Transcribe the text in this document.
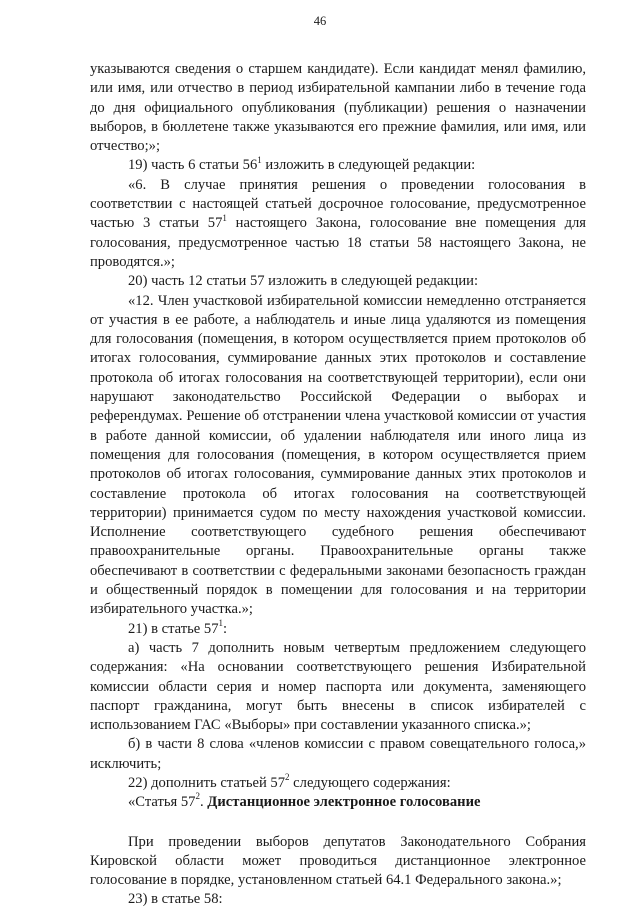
46

указываются сведения о старшем кандидате). Если кандидат менял фамилию, или имя, или отчество в период избирательной кампании либо в течение года до дня официального опубликования (публикации) решения о назначении выборов, в бюллетене также указываются его прежние фамилия, или имя, или отчество;»;

19) часть 6 статьи $56^1$ изложить в следующей редакции:

«6. В случае принятия решения о проведении голосования в соответствии с настоящей статьей досрочное голосование, предусмотренное частью 3 статьи $57^1$ настоящего Закона, голосование вне помещения для голосования, предусмотренное частью 18 статьи 58 настоящего Закона, не проводятся.»;

20) часть 12 статьи 57 изложить в следующей редакции:

«12. Член участковой избирательной комиссии немедленно отстраняется от участия в ее работе, а наблюдатель и иные лица удаляются из помещения для голосования (помещения, в котором осуществляется прием протоколов об итогах голосования, суммирование данных этих протоколов и составление протокола об итогах голосования на соответствующей территории), если они нарушают законодательство Российской Федерации о выборах и референдумах. Решение об отстранении члена участковой комиссии от участия в работе данной комиссии, об удалении наблюдателя или иного лица из помещения для голосования (помещения, в котором осуществляется прием протоколов об итогах голосования, суммирование данных этих протоколов и составление протокола об итогах голосования на соответствующей территории) принимается судом по месту нахождения участковой комиссии. Исполнение соответствующего судебного решения обеспечивают правоохранительные органы. Правоохранительные органы также обеспечивают в соответствии с федеральными законами безопасность граждан и общественный порядок в помещении для голосования и на территории избирательного участка.»;

21) в статье $57^1$:

а) часть 7 дополнить новым четвертым предложением следующего содержания: «На основании соответствующего решения Избирательной комиссии области серия и номер паспорта или документа, заменяющего паспорт гражданина, могут быть внесены в список избирателей с использованием ГАС «Выборы» при составлении указанного списка.»;

б) в части 8 слова «членов комиссии с правом совещательного голоса,» исключить;

22) дополнить статьей $57^2$ следующего содержания:

«Статья $57^2$. Дистанционное электронное голосование

При проведении выборов депутатов Законодательного Собрания Кировской области может проводиться дистанционное электронное голосование в порядке, установленном статьей 64.1 Федерального закона.»;

23) в статье 58:
